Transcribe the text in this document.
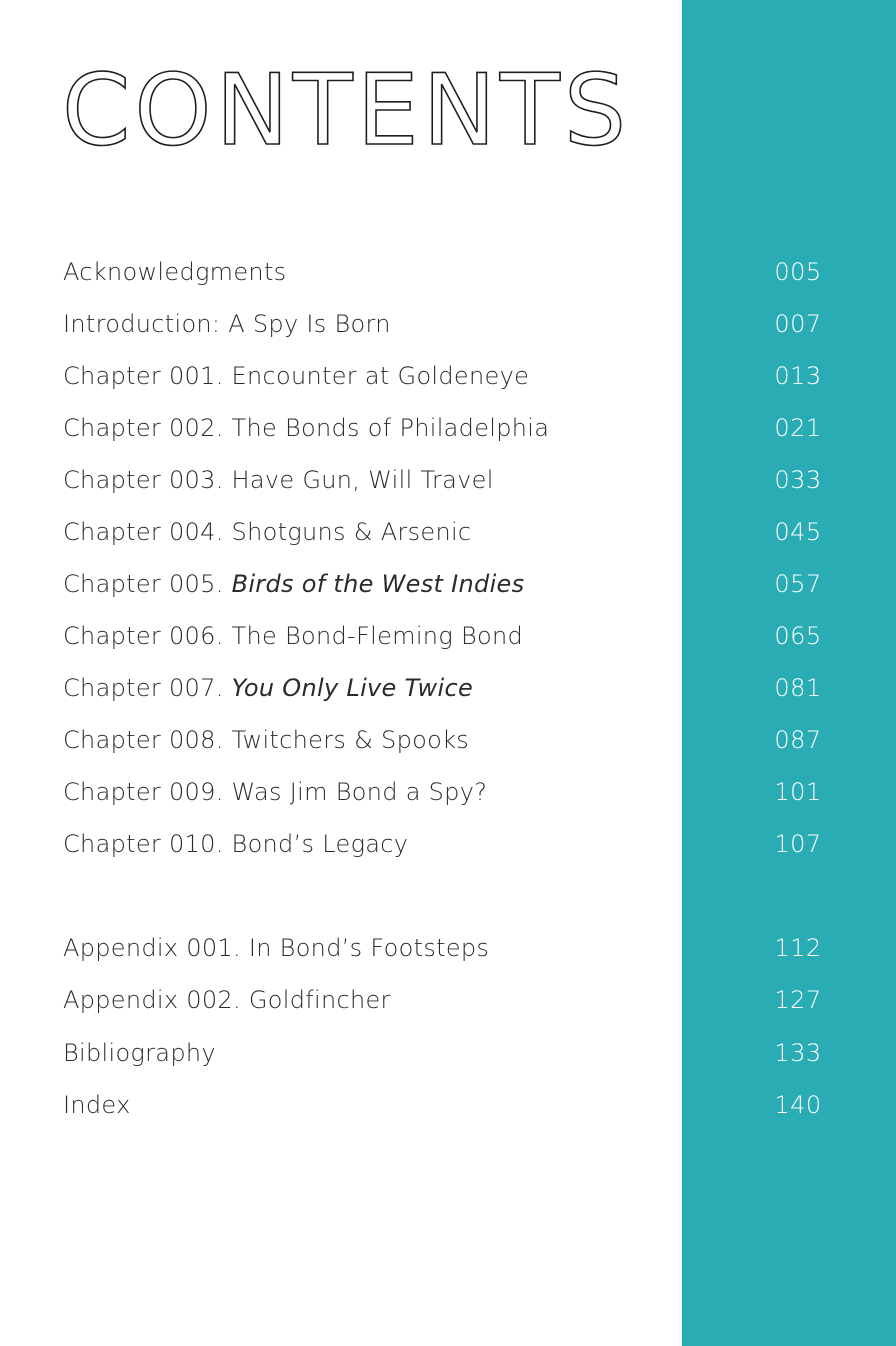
CONTENTS
Acknowledgments	005
Introduction: A Spy Is Born	007
Chapter 001. Encounter at Goldeneye	013
Chapter 002. The Bonds of Philadelphia	021
Chapter 003. Have Gun, Will Travel	033
Chapter 004. Shotguns & Arsenic	045
Chapter 005. Birds of the West Indies	057
Chapter 006. The Bond-Fleming Bond	065
Chapter 007. You Only Live Twice	081
Chapter 008. Twitchers & Spooks	087
Chapter 009. Was Jim Bond a Spy?	101
Chapter 010. Bond’s Legacy	107
Appendix 001. In Bond’s Footsteps	112
Appendix 002. Goldfincher	127
Bibliography	133
Index	140
